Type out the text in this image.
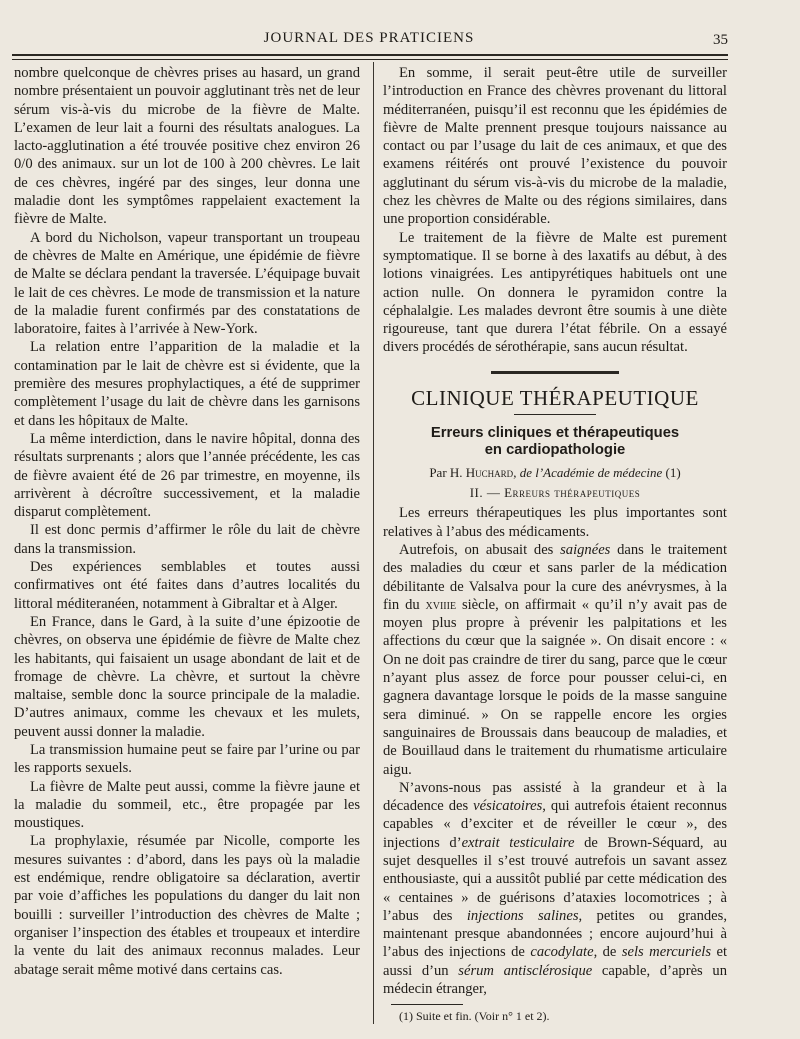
JOURNAL DES PRATICIENS	35

nombre quelconque de chèvres prises au hasard, un grand nombre présentaient un pouvoir agglutinant très net de leur sérum vis-à-vis du microbe de la fièvre de Malte. L’examen de leur lait a fourni des résultats analogues. La lacto-agglutination a été trouvée positive chez environ 26 0/0 des animaux. sur un lot de 100 à 200 chèvres. Le lait de ces chèvres, ingéré par des singes, leur donna une maladie dont les symptômes rappelaient exactement la fièvre de Malte.

A bord du Nicholson, vapeur transportant un troupeau de chèvres de Malte en Amérique, une épidémie de fièvre de Malte se déclara pendant la traversée. L’équipage buvait le lait de ces chèvres. Le mode de transmission et la nature de la maladie furent confirmés par des constatations de laboratoire, faites à l’arrivée à New-York.

La relation entre l’apparition de la maladie et la contamination par le lait de chèvre est si évidente, que la première des mesures prophylactiques, a été de supprimer complètement l’usage du lait de chèvre dans les garnisons et dans les hôpitaux de Malte.

La même interdiction, dans le navire hôpital, donna des résultats surprenants ; alors que l’année précédente, les cas de fièvre avaient été de 26 par trimestre, en moyenne, ils arrivèrent à décroître successivement, et la maladie disparut complètement.

Il est donc permis d’affirmer le rôle du lait de chèvre dans la transmission.

Des expériences semblables et toutes aussi confirmatives ont été faites dans d’autres localités du littoral méditeranéen, notamment à Gibraltar et à Alger.

En France, dans le Gard, à la suite d’une épizootie de chèvres, on observa une épidémie de fièvre de Malte chez les habitants, qui faisaient un usage abondant de lait et de fromage de chèvre. La chèvre, et surtout la chèvre maltaise, semble donc la source principale de la maladie. D’autres animaux, comme les chevaux et les mulets, peuvent aussi donner la maladie.

La transmission humaine peut se faire par l’urine ou par les rapports sexuels.

La fièvre de Malte peut aussi, comme la fièvre jaune et la maladie du sommeil, etc., être propagée par les moustiques.

La prophylaxie, résumée par Nicolle, comporte les mesures suivantes : d’abord, dans les pays où la maladie est endémique, rendre obligatoire sa déclaration, avertir par voie d’affiches les populations du danger du lait non bouilli : surveiller l’introduction des chèvres de Malte ; organiser l’inspection des étables et troupeaux et interdire la vente du lait des animaux reconnus malades. Leur abatage serait même motivé dans certains cas.

En somme, il serait peut-être utile de surveiller l’introduction en France des chèvres provenant du littoral méditerranéen, puisqu’il est reconnu que les épidémies de fièvre de Malte prennent presque toujours naissance au contact ou par l’usage du lait de ces animaux, et que des examens réitérés ont prouvé l’existence du pouvoir agglutinant du sérum vis-à-vis du microbe de la maladie, chez les chèvres de Malte ou des régions similaires, dans une proportion considérable.

Le traitement de la fièvre de Malte est purement symptomatique. Il se borne à des laxatifs au début, à des lotions vinaigrées. Les antipyrétiques habituels ont une action nulle. On donnera le pyramidon contre la céphalalgie. Les malades devront être soumis à une diète rigoureuse, tant que durera l’état fébrile. On a essayé divers procédés de sérothérapie, sans aucun résultat.

CLINIQUE THÉRAPEUTIQUE

Erreurs cliniques et thérapeutiques
en cardiopathologie

Par H. Huchard, de l’Académie de médecine (1)

II. — Erreurs thérapeutiques

Les erreurs thérapeutiques les plus importantes sont relatives à l’abus des médicaments.

Autrefois, on abusait des saignées dans le traitement des maladies du cœur et sans parler de la médication débilitante de Valsalva pour la cure des anévrysmes, à la fin du xviiie siècle, on affirmait « qu’il n’y avait pas de moyen plus propre à prévenir les palpitations et les affections du cœur que la saignée ». On disait encore : « On ne doit pas craindre de tirer du sang, parce que le cœur n’ayant plus assez de force pour pousser celui-ci, en gagnera davantage lorsque le poids de la masse sanguine sera diminué. » On se rappelle encore les orgies sanguinaires de Broussais dans beaucoup de maladies, et de Bouillaud dans le traitement du rhumatisme articulaire aigu.

N’avons-nous pas assisté à la grandeur et à la décadence des vésicatoires, qui autrefois étaient reconnus capables « d’exciter et de réveiller le cœur », des injections d’extrait testiculaire de Brown-Séquard, au sujet desquelles il s’est trouvé autrefois un savant assez enthousiaste, qui a aussitôt publié par cette médication des « centaines » de guérisons d’ataxies locomotrices ; à l’abus des injections salines, petites ou grandes, maintenant presque abandonnées ; encore aujourd’hui à l’abus des injections de cacodylate, de sels mercuriels et aussi d’un sérum antisclérosique capable, d’après un médecin étranger,

(1) Suite et fin. (Voir n° 1 et 2).
